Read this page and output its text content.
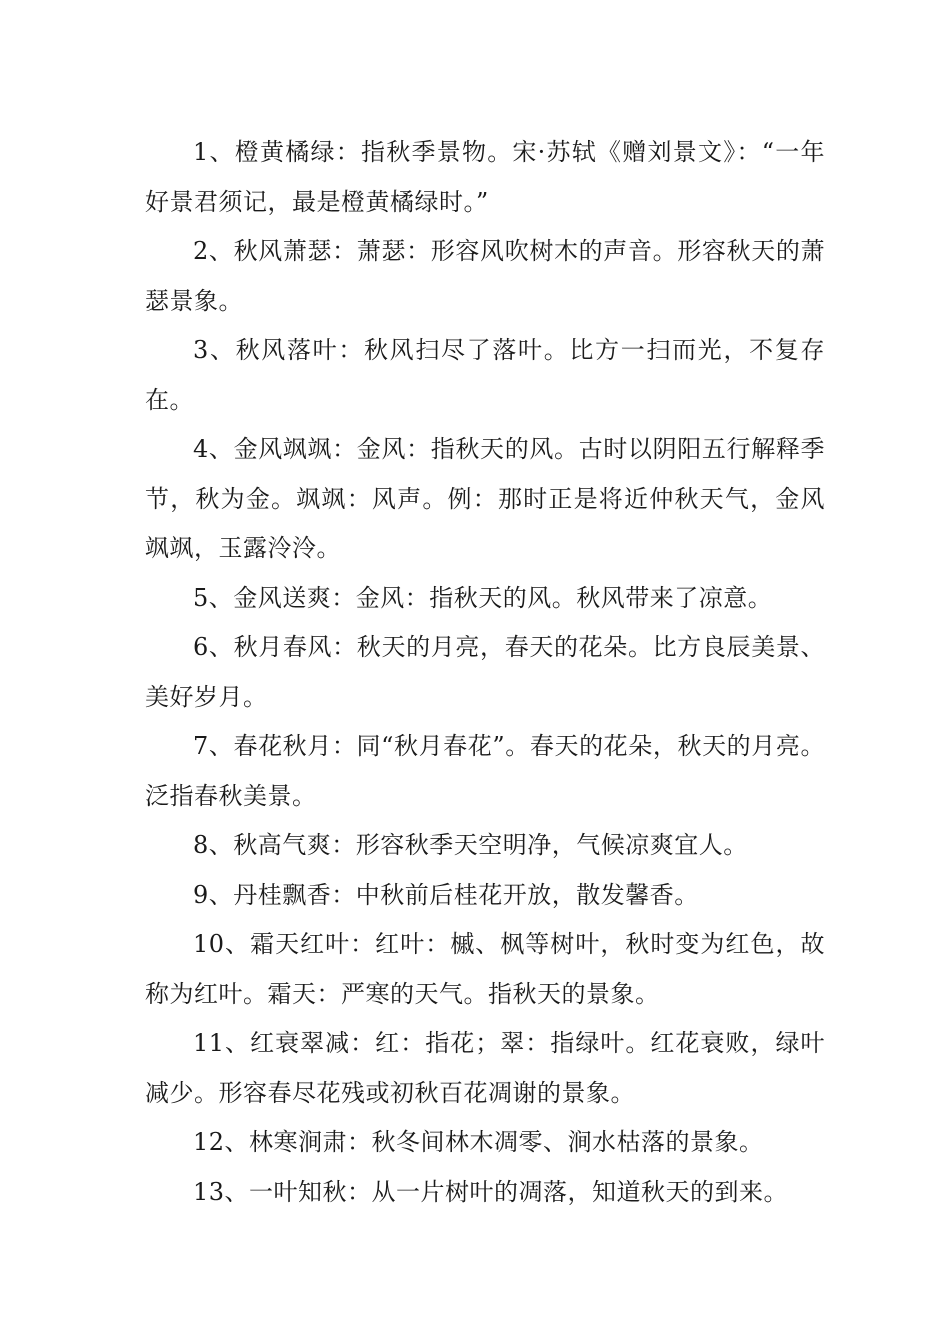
1、橙黄橘绿：指秋季景物。宋·苏轼《赠刘景文》：“一年好景君须记，最是橙黄橘绿时。”

2、秋风萧瑟：萧瑟：形容风吹树木的声音。形容秋天的萧瑟景象。

3、秋风落叶：秋风扫尽了落叶。比方一扫而光，不复存在。

4、金风飒飒：金风：指秋天的风。古时以阴阳五行解释季节，秋为金。飒飒：风声。例：那时正是将近仲秋天气，金风飒飒，玉露泠泠。

5、金风送爽：金风：指秋天的风。秋风带来了凉意。

6、秋月春风：秋天的月亮，春天的花朵。比方良辰美景、美好岁月。

7、春花秋月：同“秋月春花”。春天的花朵，秋天的月亮。泛指春秋美景。

8、秋高气爽：形容秋季天空明净，气候凉爽宜人。

9、丹桂飘香：中秋前后桂花开放，散发馨香。

10、霜天红叶：红叶：槭、枫等树叶，秋时变为红色，故称为红叶。霜天：严寒的天气。指秋天的景象。

11、红衰翠减：红：指花；翠：指绿叶。红花衰败，绿叶减少。形容春尽花残或初秋百花凋谢的景象。

12、林寒涧肃：秋冬间林木凋零、涧水枯落的景象。

13、一叶知秋：从一片树叶的凋落，知道秋天的到来。
